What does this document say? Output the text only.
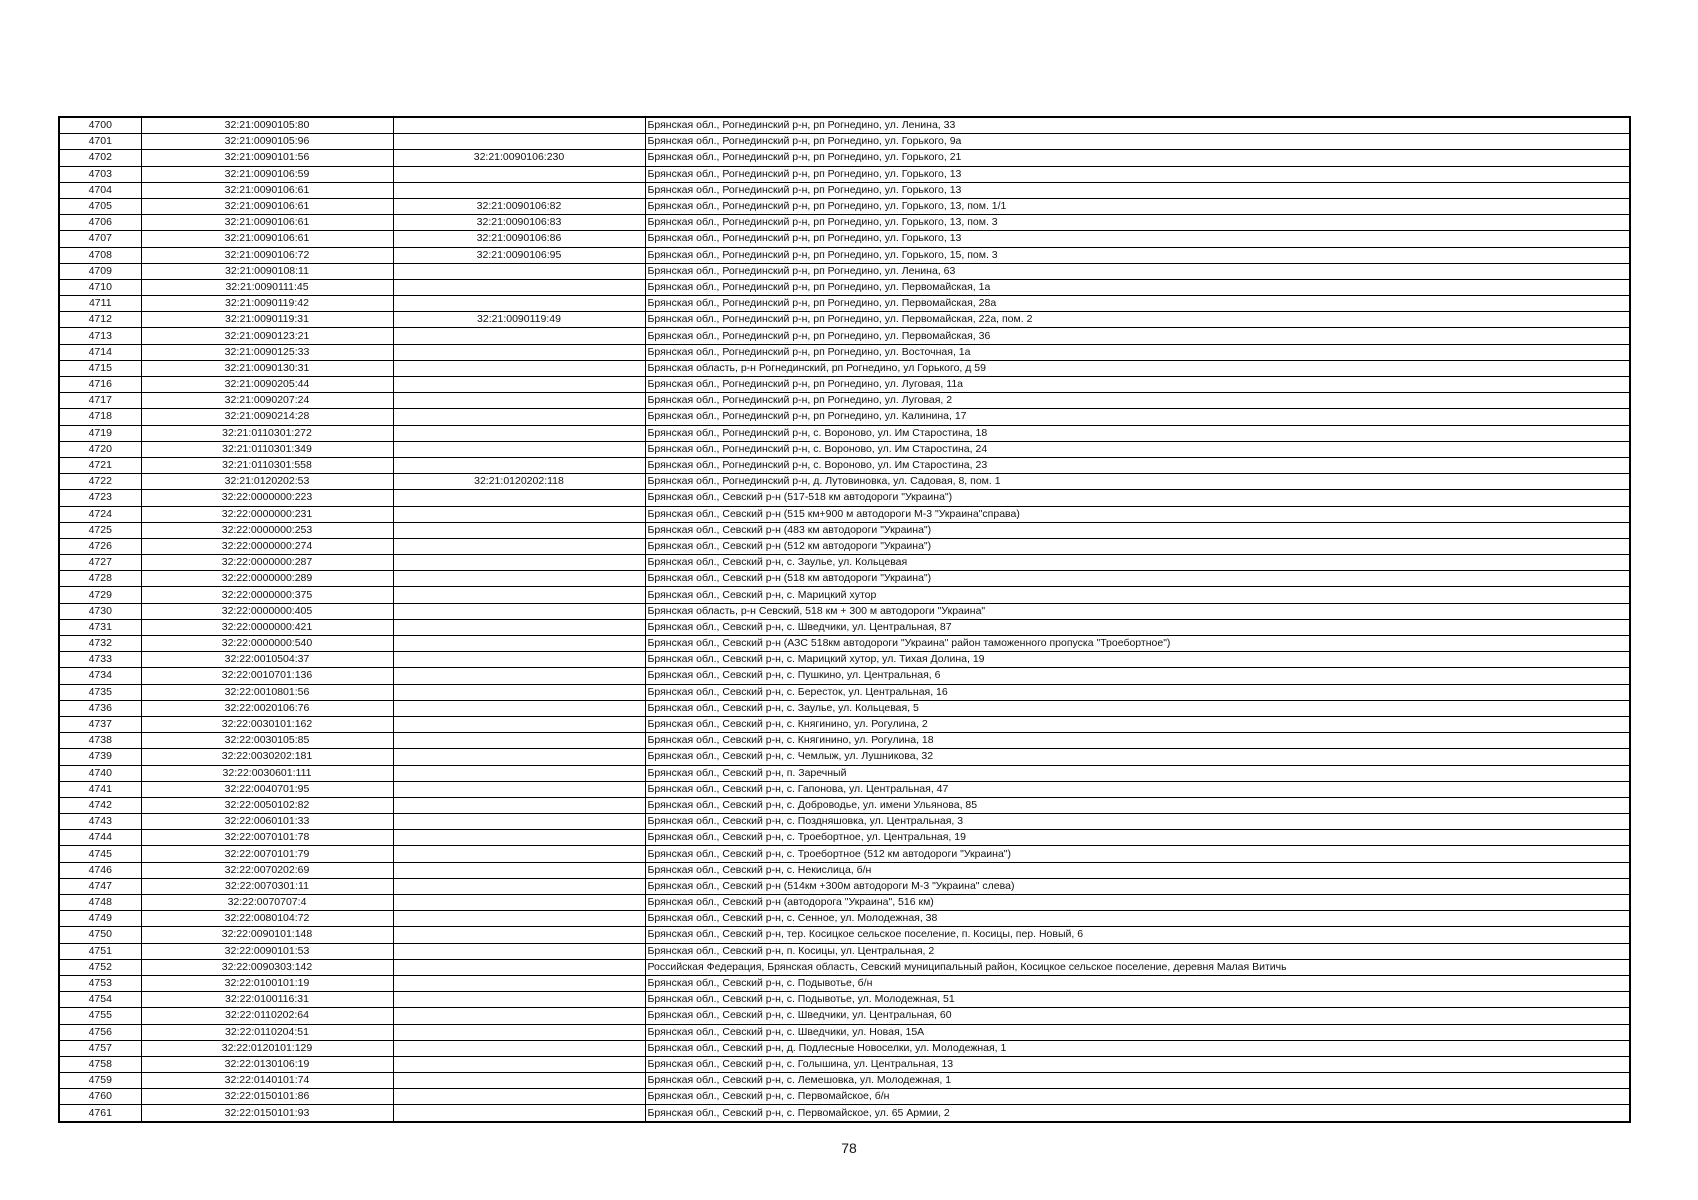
4700	32:21:0090105:80		Брянская обл., Рогнединский р-н, рп Рогнедино, ул. Ленина, 33
4701	32:21:0090105:96		Брянская обл., Рогнединский р-н, рп Рогнедино, ул. Горького, 9а
4702	32:21:0090101:56	32:21:0090106:230	Брянская обл., Рогнединский р-н, рп Рогнедино, ул. Горького, 21
4703	32:21:0090106:59		Брянская обл., Рогнединский р-н, рп Рогнедино, ул. Горького, 13
4704	32:21:0090106:61		Брянская обл., Рогнединский р-н, рп Рогнедино, ул. Горького, 13
4705	32:21:0090106:61	32:21:0090106:82	Брянская обл., Рогнединский р-н, рп Рогнедино, ул. Горького, 13, пом. 1/1
4706	32:21:0090106:61	32:21:0090106:83	Брянская обл., Рогнединский р-н, рп Рогнедино, ул. Горького, 13, пом. 3
4707	32:21:0090106:61	32:21:0090106:86	Брянская обл., Рогнединский р-н, рп Рогнедино, ул. Горького, 13
4708	32:21:0090106:72	32:21:0090106:95	Брянская обл., Рогнединский р-н, рп Рогнедино, ул. Горького, 15, пом. 3
4709	32:21:0090108:11		Брянская обл., Рогнединский р-н, рп Рогнедино, ул. Ленина, 63
4710	32:21:0090111:45		Брянская обл., Рогнединский р-н, рп Рогнедино, ул. Первомайская, 1а
4711	32:21:0090119:42		Брянская обл., Рогнединский р-н, рп Рогнедино, ул. Первомайская, 28а
4712	32:21:0090119:31	32:21:0090119:49	Брянская обл., Рогнединский р-н, рп Рогнедино, ул. Первомайская, 22а, пом. 2
4713	32:21:0090123:21		Брянская обл., Рогнединский р-н, рп Рогнедино, ул. Первомайская, 36
4714	32:21:0090125:33		Брянская обл., Рогнединский р-н, рп Рогнедино, ул. Восточная, 1а
4715	32:21:0090130:31		Брянская область, р-н Рогнединский, рп Рогнедино, ул Горького, д 59
4716	32:21:0090205:44		Брянская обл., Рогнединский р-н, рп Рогнедино, ул. Луговая, 11а
4717	32:21:0090207:24		Брянская обл., Рогнединский р-н, рп Рогнедино, ул. Луговая, 2
4718	32:21:0090214:28		Брянская обл., Рогнединский р-н, рп Рогнедино, ул. Калинина, 17
4719	32:21:0110301:272		Брянская обл., Рогнединский р-н, с. Вороново, ул. Им Старостина, 18
4720	32:21:0110301:349		Брянская обл., Рогнединский р-н, с. Вороново, ул. Им Старостина, 24
4721	32:21:0110301:558		Брянская обл., Рогнединский р-н, с. Вороново, ул. Им Старостина, 23
4722	32:21:0120202:53	32:21:0120202:118	Брянская обл., Рогнединский р-н, д. Лутовиновка, ул. Садовая, 8, пом. 1
4723	32:22:0000000:223		Брянская обл., Севский р-н (517-518 км автодороги "Украина")
4724	32:22:0000000:231		Брянская обл., Севский р-н (515 км+900 м автодороги М-3 "Украина"справа)
4725	32:22:0000000:253		Брянская обл., Севский р-н (483 км автодороги "Украина")
4726	32:22:0000000:274		Брянская обл., Севский р-н (512 км автодороги "Украина")
4727	32:22:0000000:287		Брянская обл., Севский р-н, с. Заулье, ул. Кольцевая
4728	32:22:0000000:289		Брянская обл., Севский р-н (518 км автодороги "Украина")
4729	32:22:0000000:375		Брянская обл., Севский р-н, с. Марицкий хутор
4730	32:22:0000000:405		Брянская область, р-н Севский, 518 км + 300 м автодороги "Украина"
4731	32:22:0000000:421		Брянская обл., Севский р-н, с. Шведчики, ул. Центральная, 87
4732	32:22:0000000:540		Брянская обл., Севский р-н (АЗС 518км автодороги "Украина" район таможенного пропуска "Троебортное")
4733	32:22:0010504:37		Брянская обл., Севский р-н, с. Марицкий хутор, ул. Тихая Долина, 19
4734	32:22:0010701:136		Брянская обл., Севский р-н, с. Пушкино, ул. Центральная, 6
4735	32:22:0010801:56		Брянская обл., Севский р-н, с. Бересток, ул. Центральная, 16
4736	32:22:0020106:76		Брянская обл., Севский р-н, с. Заулье, ул. Кольцевая, 5
4737	32:22:0030101:162		Брянская обл., Севский р-н, с. Княгинино, ул. Рогулина, 2
4738	32:22:0030105:85		Брянская обл., Севский р-н, с. Княгинино, ул. Рогулина, 18
4739	32:22:0030202:181		Брянская обл., Севский р-н, с. Чемлыж, ул. Лушникова, 32
4740	32:22:0030601:111		Брянская обл., Севский р-н, п. Заречный
4741	32:22:0040701:95		Брянская обл., Севский р-н, с. Гапонова, ул. Центральная, 47
4742	32:22:0050102:82		Брянская обл., Севский р-н, с. Доброводье, ул. имени Ульянова, 85
4743	32:22:0060101:33		Брянская обл., Севский р-н, с. Поздняшовка, ул. Центральная, 3
4744	32:22:0070101:78		Брянская обл., Севский р-н, с. Троебортное, ул. Центральная, 19
4745	32:22:0070101:79		Брянская обл., Севский р-н, с. Троебортное (512 км автодороги "Украина")
4746	32:22:0070202:69		Брянская обл., Севский р-н, с. Некислица, б/н
4747	32:22:0070301:11		Брянская обл., Севский р-н (514км +300м автодороги М-3 "Украина" слева)
4748	32:22:0070707:4		Брянская обл., Севский р-н (автодорога "Украина", 516 км)
4749	32:22:0080104:72		Брянская обл., Севский р-н, с. Сенное, ул. Молодежная, 38
4750	32:22:0090101:148		Брянская обл., Севский р-н, тер. Косицкое сельское поселение, п. Косицы, пер. Новый, 6
4751	32:22:0090101:53		Брянская обл., Севский р-н, п. Косицы, ул. Центральная, 2
4752	32:22:0090303:142		Российская Федерация, Брянская область, Севский муниципальный район, Косицкое сельское поселение, деревня Малая Витичь
4753	32:22:0100101:19		Брянская обл., Севский р-н, с. Подывотье, б/н
4754	32:22:0100116:31		Брянская обл., Севский р-н, с. Подывотье, ул. Молодежная, 51
4755	32:22:0110202:64		Брянская обл., Севский р-н, с. Шведчики, ул. Центральная, 60
4756	32:22:0110204:51		Брянская обл., Севский р-н, с. Шведчики, ул. Новая, 15А
4757	32:22:0120101:129		Брянская обл., Севский р-н, д. Подлесные Новоселки, ул. Молодежная, 1
4758	32:22:0130106:19		Брянская обл., Севский р-н, с. Голышина, ул. Центральная, 13
4759	32:22:0140101:74		Брянская обл., Севский р-н, с. Лемешовка, ул. Молодежная, 1
4760	32:22:0150101:86		Брянская обл., Севский р-н, с. Первомайское, б/н
4761	32:22:0150101:93		Брянская обл., Севский р-н, с. Первомайское, ул. 65 Армии, 2
78
